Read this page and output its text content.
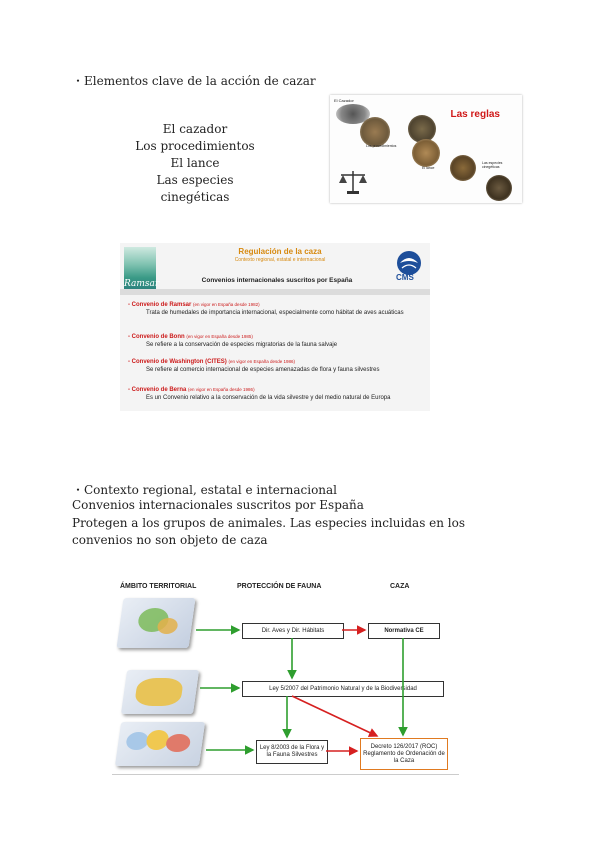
・Elementos clave de la acción de cazar
El cazador
Los procedimientos
El lance
Las especies cinegéticas
El Cazador
Los procedimientos
El lance
Las especies cinegéticas
Las reglas
Ramsar
Regulación de la caza
Contexto regional, estatal e internacional
Convenios internacionales suscritos por España	CMS
- Convenio de Ramsar (en vigor en España desde 1982)
Trata de humedales de importancia internacional, especialmente como hábitat de aves acuáticas
- Convenio de Bonn (en vigor en España desde 1985)
Se refiere a la conservación de especies migratorias de la fauna salvaje
- Convenio de Washington (CITES) (en vigor en España desde 1986)
Se refiere al comercio internacional de especies amenazadas de flora y fauna silvestres
- Convenio de Berna (en vigor en España desde 1986)
Es un Convenio relativo a la conservación de la vida silvestre y del medio natural de Europa
・Contexto regional, estatal e internacional
Convenios internacionales suscritos por España
Protegen a los grupos de animales. Las especies incluidas en los convenios no son objeto de caza
ÁMBITO TERRITORIAL	PROTECCIÓN DE FAUNA	CAZA
Dir. Aves y Dir. Hábitats	Normativa CE
Ley 5/2007 del Patrimonio Natural y de la Biodiversidad
Ley 8/2003 de la Flora y la Fauna Silvestres
Decreto 126/2017 (ROC) Reglamento de Ordenación de la Caza
